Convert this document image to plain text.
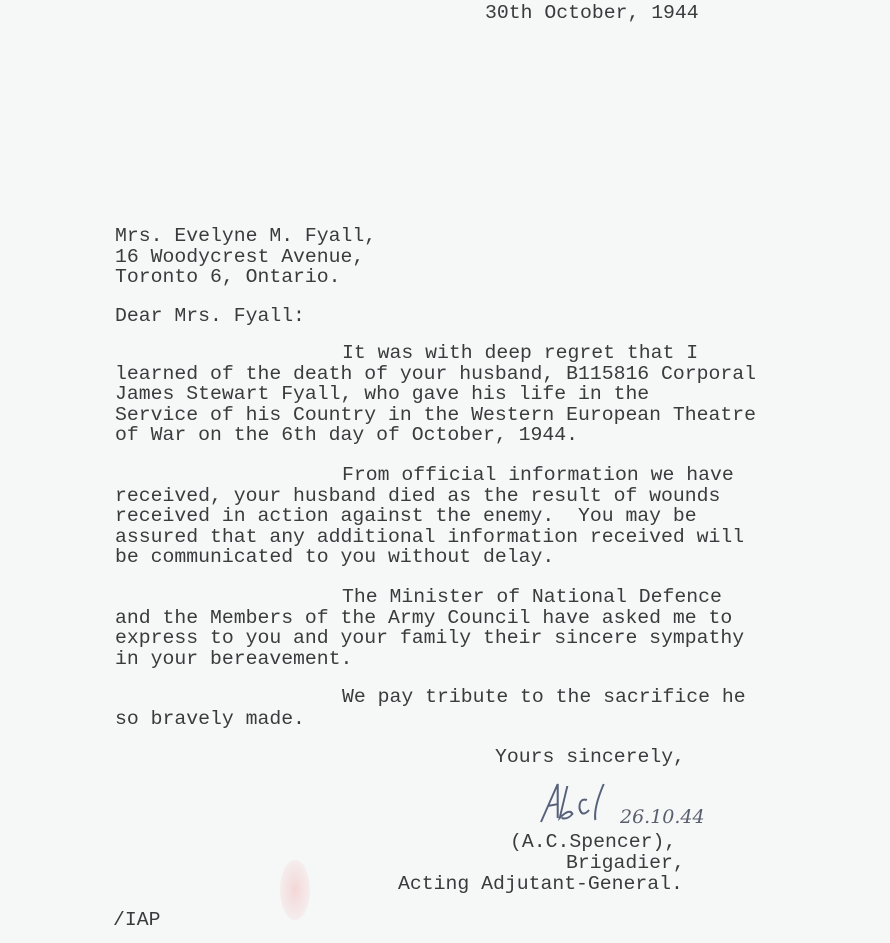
30th October, 1944
Mrs. Evelyne M. Fyall,
16 Woodycrest Avenue,
Toronto 6, Ontario.
Dear Mrs. Fyall:
It was with deep regret that I
learned of the death of your husband, B115816 Corporal
James Stewart Fyall, who gave his life in the
Service of his Country in the Western European Theatre
of War on the 6th day of October, 1944.
From official information we have
received, your husband died as the result of wounds
received in action against the enemy.  You may be
assured that any additional information received will
be communicated to you without delay.
The Minister of National Defence
and the Members of the Army Council have asked me to
express to you and your family their sincere sympathy
in your bereavement.
We pay tribute to the sacrifice he
so bravely made.
Yours sincerely,
26.10.44
(A.C.Spencer),
Brigadier,
Acting Adjutant-General.
/IAP
